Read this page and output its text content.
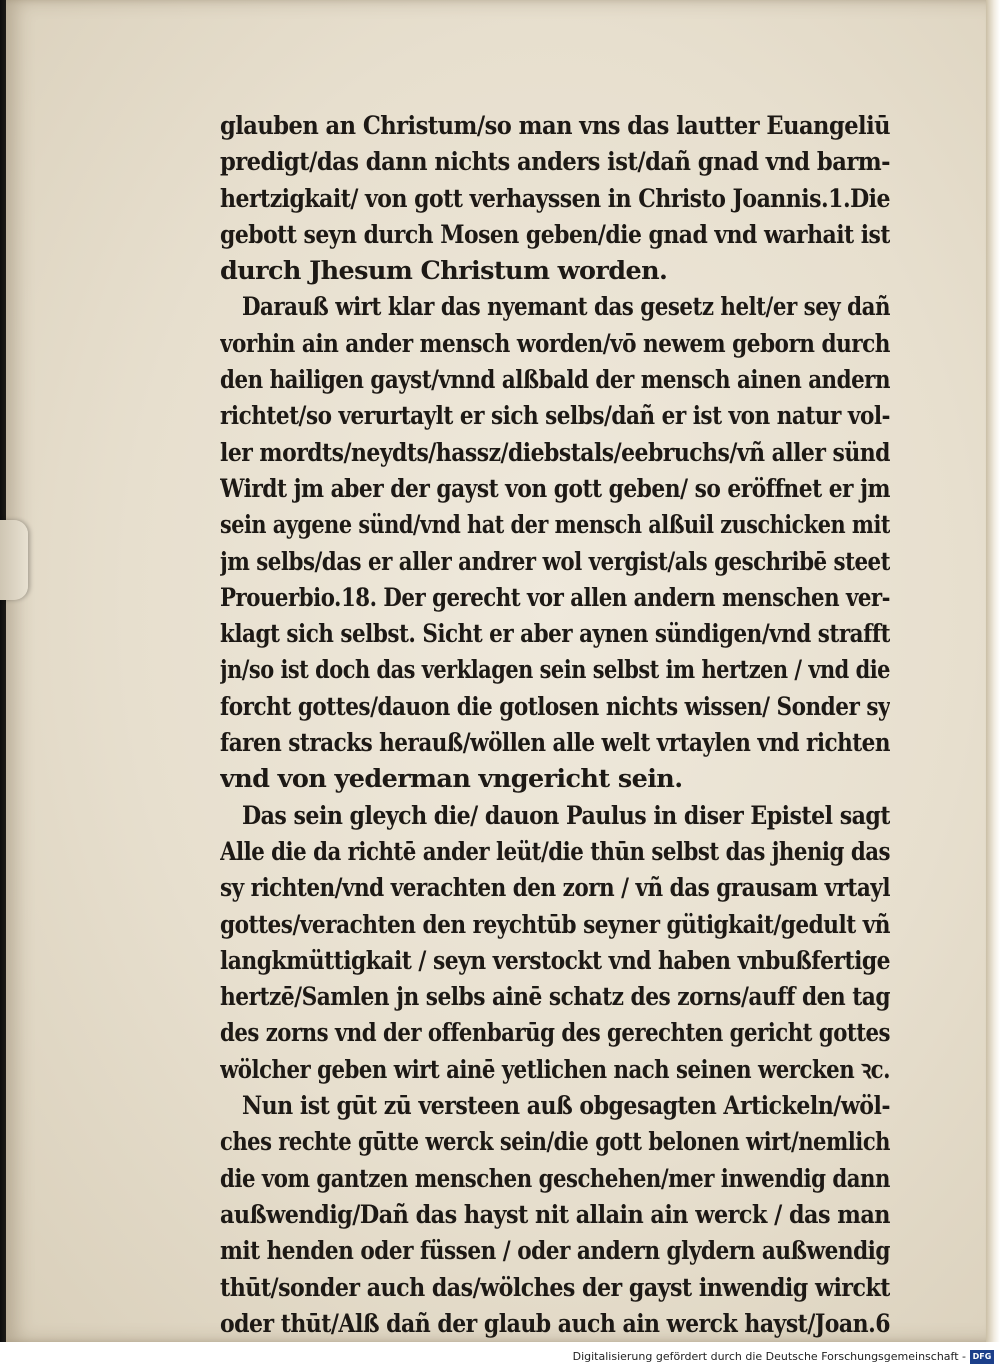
glauben an Christum/so man vns das lautter Euangeliū
predigt/das dann nichts anders ist/dañ gnad vnd barm-
hertzigkait/ von gott verhayssen in Christo Joannis.1.Die
gebott seyn durch Mosen geben/die gnad vnd warhait ist
durch Jhesum Christum worden.
Darauß wirt klar das nyemant das gesetz helt/er sey dañ
vorhin ain ander mensch worden/vō newem geborn durch
den hailigen gayst/vnnd alßbald der mensch ainen andern
richtet/so verurtaylt er sich selbs/dañ er ist von natur vol-
ler mordts/neydts/hassz/diebstals/eebruchs/vñ aller sünd
Wirdt jm aber der gayst von gott geben/ so eröffnet er jm
sein aygene sünd/vnd hat der mensch alßuil zuschicken mit
jm selbs/das er aller andrer wol vergist/als geschribē steet
Prouerbio.18. Der gerecht vor allen andern menschen ver-
klagt sich selbst. Sicht er aber aynen sündigen/vnd strafft
jn/so ist doch das verklagen sein selbst im hertzen / vnd die
forcht gottes/dauon die gotlosen nichts wissen/ Sonder sy
faren stracks herauß/wöllen alle welt vrtaylen vnd richten
vnd von yederman vngericht sein.
Das sein gleych die/ dauon Paulus in diser Epistel sagt
Alle die da richtē ander leüt/die thūn selbst das jhenig das
sy richten/vnd verachten den zorn / vñ das grausam vrtayl
gottes/verachten den reychtūb seyner gütigkait/gedult vñ
langkmüttigkait / seyn verstockt vnd haben vnbußfertige
hertzē/Samlen jn selbs ainē schatz des zorns/auff den tag
des zorns vnd der offenbarūg des gerechten gericht gottes
wölcher geben wirt ainē yetlichen nach seinen wercken ꝛc.
Nun ist gūt zū versteen auß obgesagten Artickeln/wöl-
ches rechte gūtte werck sein/die gott belonen wirt/nemlich
die vom gantzen menschen geschehen/mer inwendig dann
außwendig/Dañ das hayst nit allain ain werck / das man
mit henden oder füssen / oder andern glydern außwendig
thūt/sonder auch das/wölches der gayst inwendig wirckt
oder thūt/Alß dañ der glaub auch ain werck hayst/Joan.6
Digitalisierung gefördert durch die Deutsche Forschungsgemeinschaft - DFG
